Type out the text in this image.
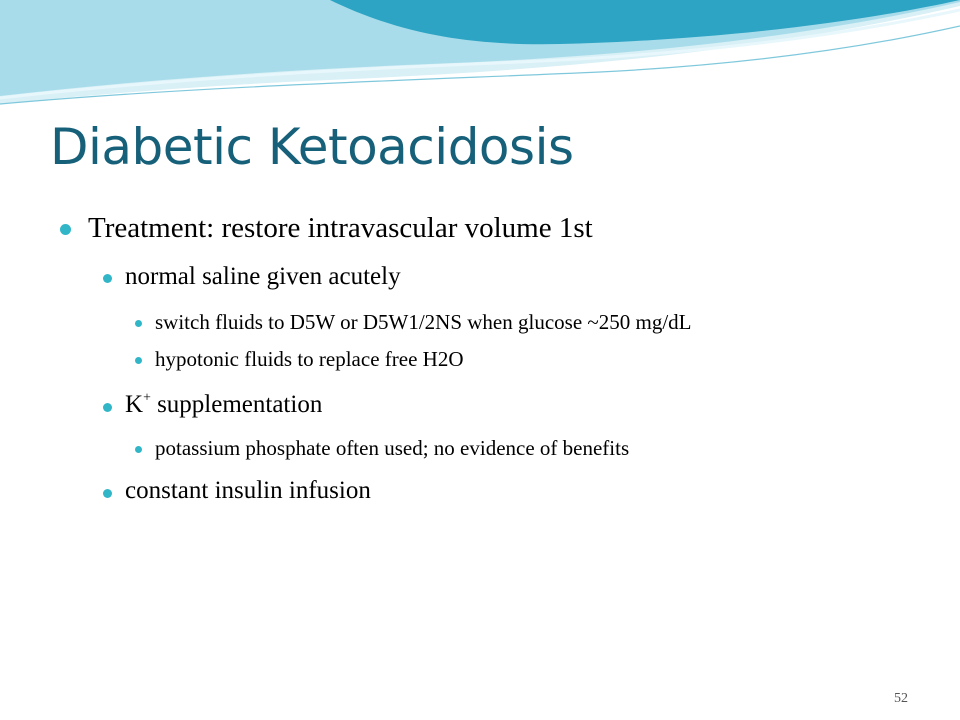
Diabetic Ketoacidosis
Treatment: restore intravascular volume 1st
normal saline given acutely
switch fluids to D5W or D5W1/2NS when glucose ~250 mg/dL
hypotonic fluids to replace free H2O
K+ supplementation
potassium phosphate often used; no evidence of benefits
constant insulin infusion
52
